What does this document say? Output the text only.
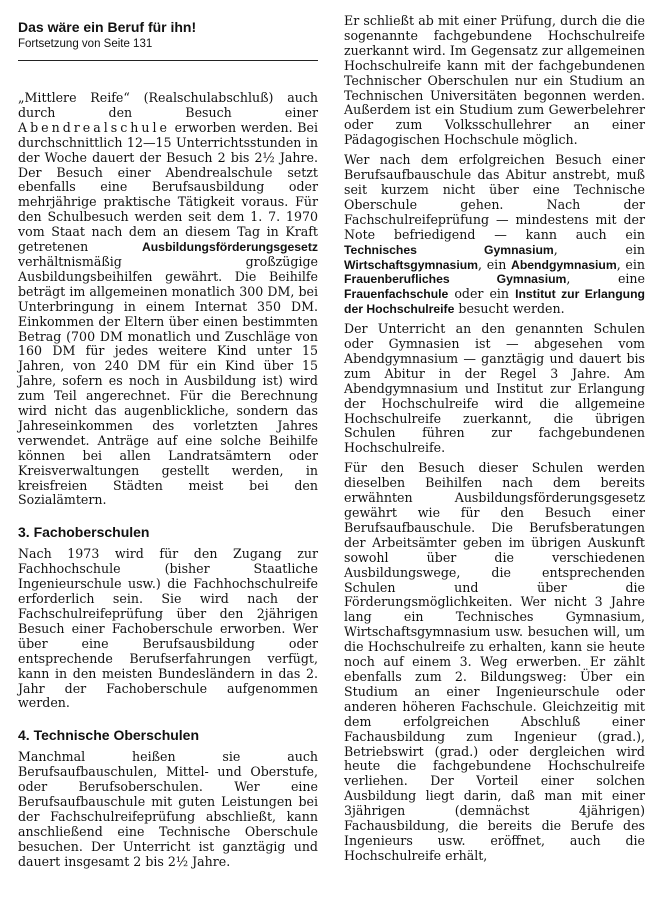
Das wäre ein Beruf für ihn!
Fortsetzung von Seite 131

„Mittlere Reife“ (Realschulabschluß) auch durch den Besuch einer Abendrealschule erworben werden. Bei durchschnittlich 12—15 Unterrichtsstunden in der Woche dauert der Besuch 2 bis 2½ Jahre. Der Besuch einer Abendrealschule setzt ebenfalls eine Berufsausbildung oder mehrjährige praktische Tätigkeit voraus. Für den Schulbesuch werden seit dem 1. 7. 1970 vom Staat nach dem an diesem Tag in Kraft getretenen Ausbildungsförderungsgesetz verhältnismäßig großzügige Ausbildungsbeihilfen gewährt. Die Beihilfe beträgt im allgemeinen monatlich 300 DM, bei Unterbringung in einem Internat 350 DM. Einkommen der Eltern über einen bestimmten Betrag (700 DM monatlich und Zuschläge von 160 DM für jedes weitere Kind unter 15 Jahren, von 240 DM für ein Kind über 15 Jahre, sofern es noch in Ausbildung ist) wird zum Teil angerechnet. Für die Berechnung wird nicht das augenblickliche, sondern das Jahreseinkommen des vorletzten Jahres verwendet. Anträge auf eine solche Beihilfe können bei allen Landratsämtern oder Kreisverwaltungen gestellt werden, in kreisfreien Städten meist bei den Sozialämtern.

3. Fachoberschulen

Nach 1973 wird für den Zugang zur Fachhochschule (bisher Staatliche Ingenieurschule usw.) die Fachhochschulreife erforderlich sein. Sie wird nach der Fachschulreifeprüfung über den 2jährigen Besuch einer Fachoberschule erworben. Wer über eine Berufsausbildung oder entsprechende Berufserfahrungen verfügt, kann in den meisten Bundesländern in das 2. Jahr der Fachoberschule aufgenommen werden.

4. Technische Oberschulen

Manchmal heißen sie auch Berufsaufbauschulen, Mittel- und Oberstufe, oder Berufsoberschulen. Wer eine Berufsaufbauschule mit guten Leistungen bei der Fachschulreifeprüfung abschließt, kann anschließend eine Technische Oberschule besuchen. Der Unterricht ist ganztägig und dauert insgesamt 2 bis 2½ Jahre.

Er schließt ab mit einer Prüfung, durch die die sogenannte fachgebundene Hochschulreife zuerkannt wird. Im Gegensatz zur allgemeinen Hochschulreife kann mit der fachgebundenen Technischer Oberschulen nur ein Studium an Technischen Universitäten begonnen werden. Außerdem ist ein Studium zum Gewerbelehrer oder zum Volksschullehrer an einer Pädagogischen Hochschule möglich.

Wer nach dem erfolgreichen Besuch einer Berufsaufbauschule das Abitur anstrebt, muß seit kurzem nicht über eine Technische Oberschule gehen. Nach der Fachschulreifeprüfung — mindestens mit der Note befriedigend — kann auch ein Technisches Gymnasium, ein Wirtschaftsgymnasium, ein Abendgymnasium, ein Frauenberufliches Gymnasium, eine Frauenfachschule oder ein Institut zur Erlangung der Hochschulreife besucht werden.

Der Unterricht an den genannten Schulen oder Gymnasien ist — abgesehen vom Abendgymnasium — ganztägig und dauert bis zum Abitur in der Regel 3 Jahre. Am Abendgymnasium und Institut zur Erlangung der Hochschulreife wird die allgemeine Hochschulreife zuerkannt, die übrigen Schulen führen zur fachgebundenen Hochschulreife.

Für den Besuch dieser Schulen werden dieselben Beihilfen nach dem bereits erwähnten Ausbildungsförderungsgesetz gewährt wie für den Besuch einer Berufsaufbauschule. Die Berufsberatungen der Arbeitsämter geben im übrigen Auskunft sowohl über die verschiedenen Ausbildungswege, die entsprechenden Schulen und über die Förderungsmöglichkeiten. Wer nicht 3 Jahre lang ein Technisches Gymnasium, Wirtschaftsgymnasium usw. besuchen will, um die Hochschulreife zu erhalten, kann sie heute noch auf einem 3. Weg erwerben. Er zählt ebenfalls zum 2. Bildungsweg: Über ein Studium an einer Ingenieurschule oder anderen höheren Fachschule. Gleichzeitig mit dem erfolgreichen Abschluß einer Fachausbildung zum Ingenieur (grad.), Betriebswirt (grad.) oder dergleichen wird heute die fachgebundene Hochschulreife verliehen. Der Vorteil einer solchen Ausbildung liegt darin, daß man mit einer 3jährigen (demnächst 4jährigen) Fachausbildung, die bereits die Berufe des Ingenieurs usw. eröffnet, auch die Hochschulreife erhält,
